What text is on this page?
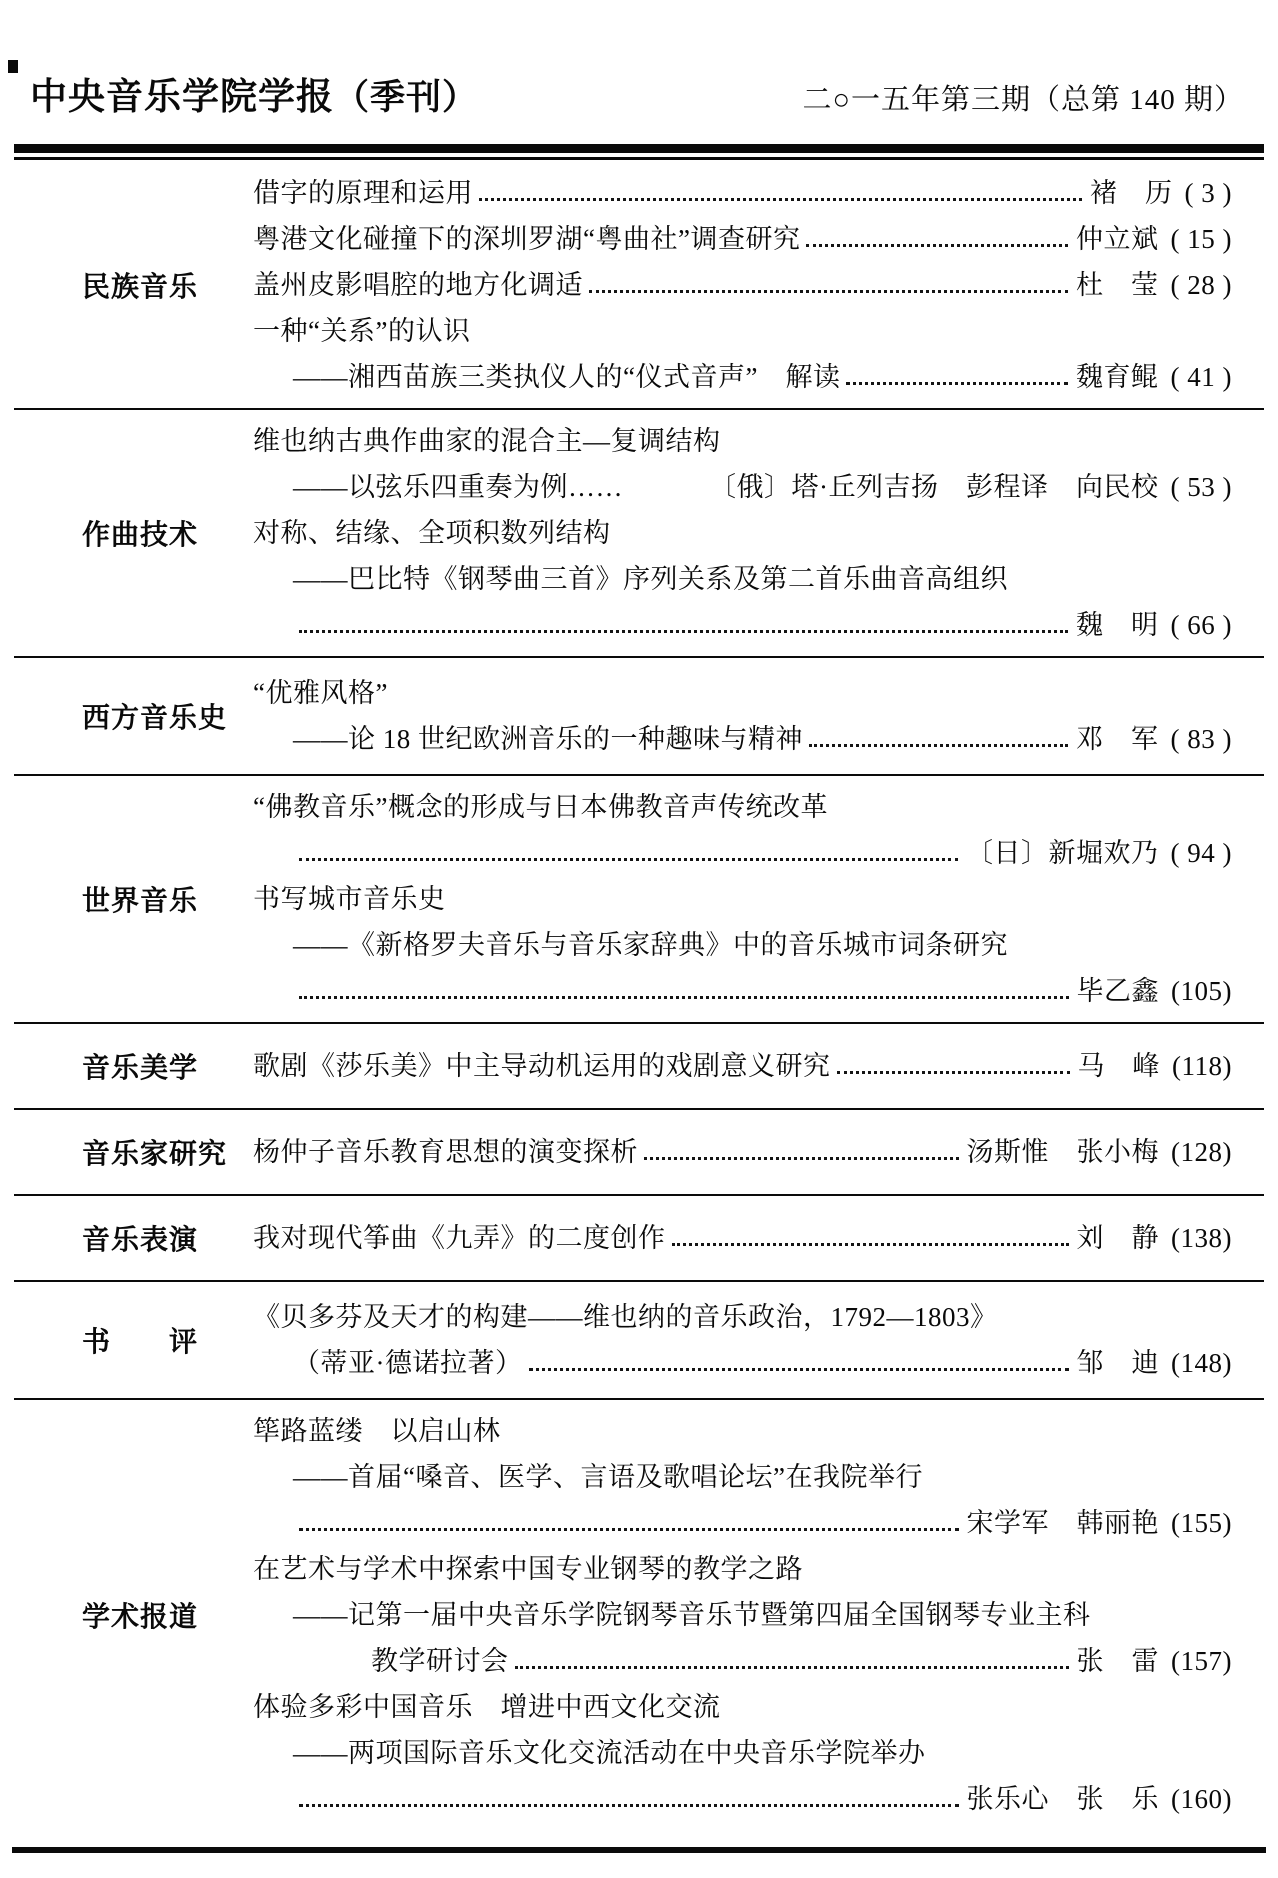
中央音乐学院学报（季刊）	二○一五年第三期（总第 140 期）
民族音乐
借字的原理和运用	褚　历 ( 3 )
粤港文化碰撞下的深圳罗湖“粤曲社”调查研究	仲立斌 ( 15 )
盖州皮影唱腔的地方化调适	杜　莹 ( 28 )
一种“关系”的认识
——湘西苗族三类执仪人的“仪式音声”　解读	魏育鲲 ( 41 )
作曲技术
维也纳古典作曲家的混合主—复调结构
——以弦乐四重奏为例……	〔俄〕塔·丘列吉扬　彭程译　向民校 ( 53 )
对称、结缘、全项积数列结构
——巴比特《钢琴曲三首》序列关系及第二首乐曲音高组织
魏　明 ( 66 )
西方音乐史
“优雅风格”
——论 18 世纪欧洲音乐的一种趣味与精神	邓　军 ( 83 )
世界音乐
“佛教音乐”概念的形成与日本佛教音声传统改革
〔日〕新堀欢乃 ( 94 )
书写城市音乐史
——《新格罗夫音乐与音乐家辞典》中的音乐城市词条研究
毕乙鑫 (105)
音乐美学	歌剧《莎乐美》中主导动机运用的戏剧意义研究	马　峰 (118)
音乐家研究 杨仲子音乐教育思想的演变探析	汤斯惟　张小梅 (128)
音乐表演	我对现代筝曲《九弄》的二度创作	刘　静 (138)
书　　评
《贝多芬及天才的构建——维也纳的音乐政治，1792—1803》
（蒂亚·德诺拉著）	邹　迪 (148)
学术报道
筚路蓝缕　以启山林
——首届“嗓音、医学、言语及歌唱论坛”在我院举行
宋学军　韩丽艳 (155)
在艺术与学术中探索中国专业钢琴的教学之路
——记第一届中央音乐学院钢琴音乐节暨第四届全国钢琴专业主科
教学研讨会	张　雷 (157)
体验多彩中国音乐　增进中西文化交流
——两项国际音乐文化交流活动在中央音乐学院举办
张乐心　张　乐 (160)
